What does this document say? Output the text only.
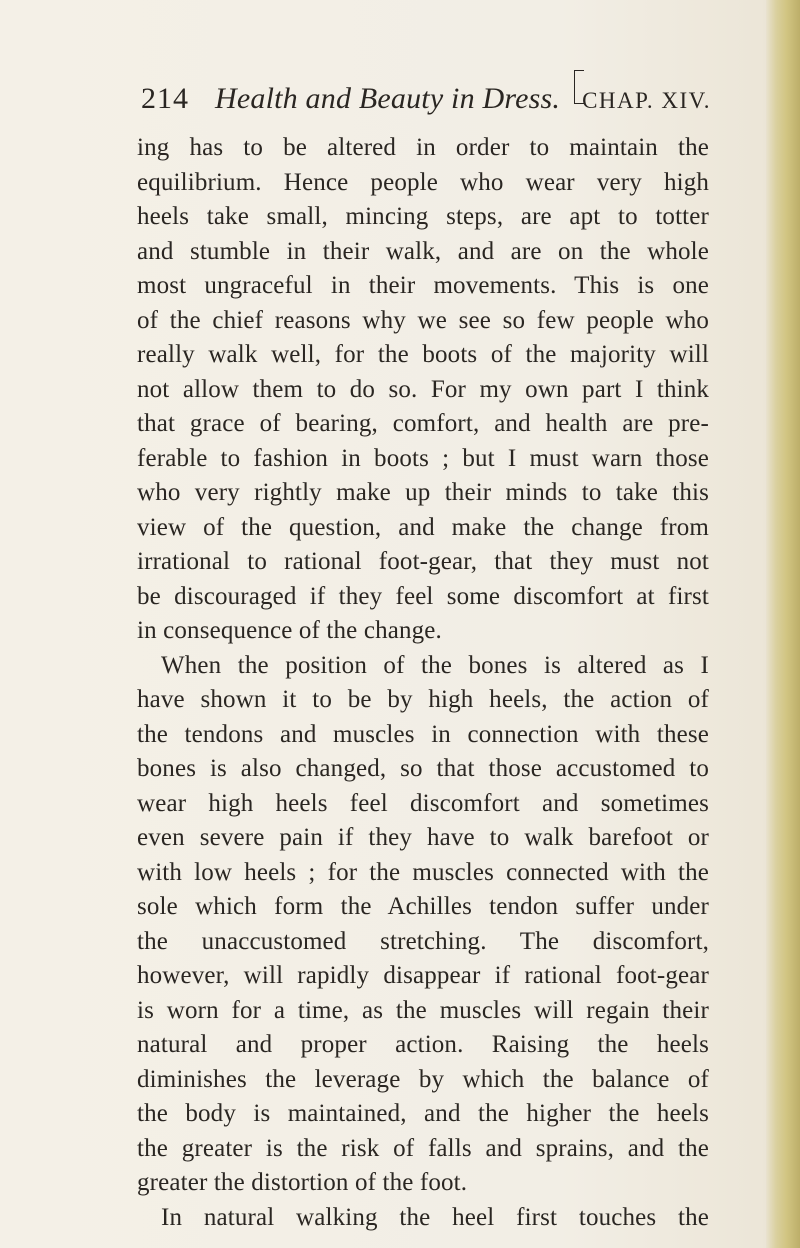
214 Health and Beauty in Dress. CHAP. XIV.
ing has to be altered in order to maintain the
equilibrium. Hence people who wear very high
heels take small, mincing steps, are apt to totter
and stumble in their walk, and are on the whole
most ungraceful in their movements. This is one
of the chief reasons why we see so few people who
really walk well, for the boots of the majority will
not allow them to do so. For my own part I think
that grace of bearing, comfort, and health are pre-
ferable to fashion in boots ; but I must warn those
who very rightly make up their minds to take this
view of the question, and make the change from
irrational to rational foot-gear, that they must not
be discouraged if they feel some discomfort at first
in consequence of the change.
When the position of the bones is altered as I
have shown it to be by high heels, the action of
the tendons and muscles in connection with these
bones is also changed, so that those accustomed to
wear high heels feel discomfort and sometimes
even severe pain if they have to walk barefoot or
with low heels ; for the muscles connected with the
sole which form the Achilles tendon suffer under
the unaccustomed stretching. The discomfort,
however, will rapidly disappear if rational foot-gear
is worn for a time, as the muscles will regain their
natural and proper action. Raising the heels
diminishes the leverage by which the balance of
the body is maintained, and the higher the heels
the greater is the risk of falls and sprains, and the
greater the distortion of the foot.
In natural walking the heel first touches the
